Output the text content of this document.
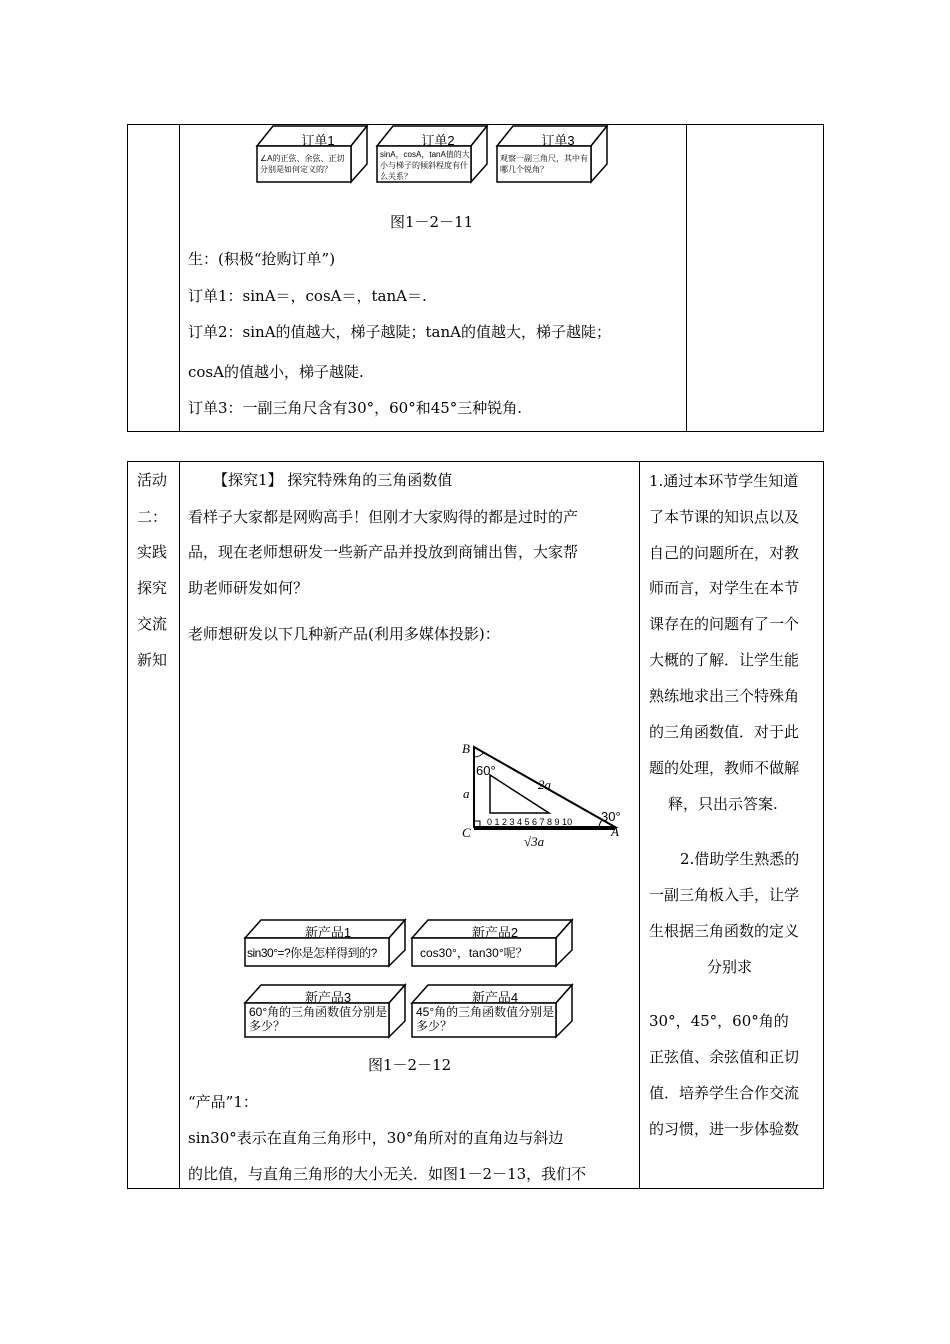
订单1
∠A的正弦、余弦、正切分别是如何定义的？
订单2
sinA，cosA，tanA值的大小与梯子的倾斜程度有什么关系？
订单3
观察一副三角尺，其中有哪几个锐角？
图1－2－11
生：(积极“抢购订单”)
订单1：sinA＝，cosA＝，tanA＝.
订单2：sinA的值越大，梯子越陡；tanA的值越大，梯子越陡；
cosA的值越小，梯子越陡.
订单3：一副三角尺含有30°，60°和45°三种锐角.

活动
二：
实践
探究
交流
新知
【探究1】 探究特殊角的三角函数值
看样子大家都是网购高手！但刚才大家购得的都是过时的产
品，现在老师想研发一些新产品并投放到商铺出售，大家帮
助老师研发如何？
老师想研发以下几种新产品(利用多媒体投影)：
B
C	A
60°
30°
a
2a
√3a
0 1 2 3 4 5 6 7 8 9 10
新产品1
sin30°=?你是怎样得到的?
新产品2
cos30°，tan30°呢？
新产品3
60°角的三角函数值分别是多少？
新产品4
45°角的三角函数值分别是多少？
图1－2－12
“产品”1：
sin30°表示在直角三角形中，30°角所对的直角边与斜边
的比值，与直角三角形的大小无关．如图1－2－13，我们不
1.通过本环节学生知道
了本节课的知识点以及
自己的问题所在，对教
师而言，对学生在本节
课存在的问题有了一个
大概的了解．让学生能
熟练地求出三个特殊角
的三角函数值．对于此
题的处理，教师不做解
释，只出示答案.
2.借助学生熟悉的
一副三角板入手，让学
生根据三角函数的定义
分别求
30°，45°，60°角的
正弦值、余弦值和正切
值．培养学生合作交流
的习惯，进一步体验数
